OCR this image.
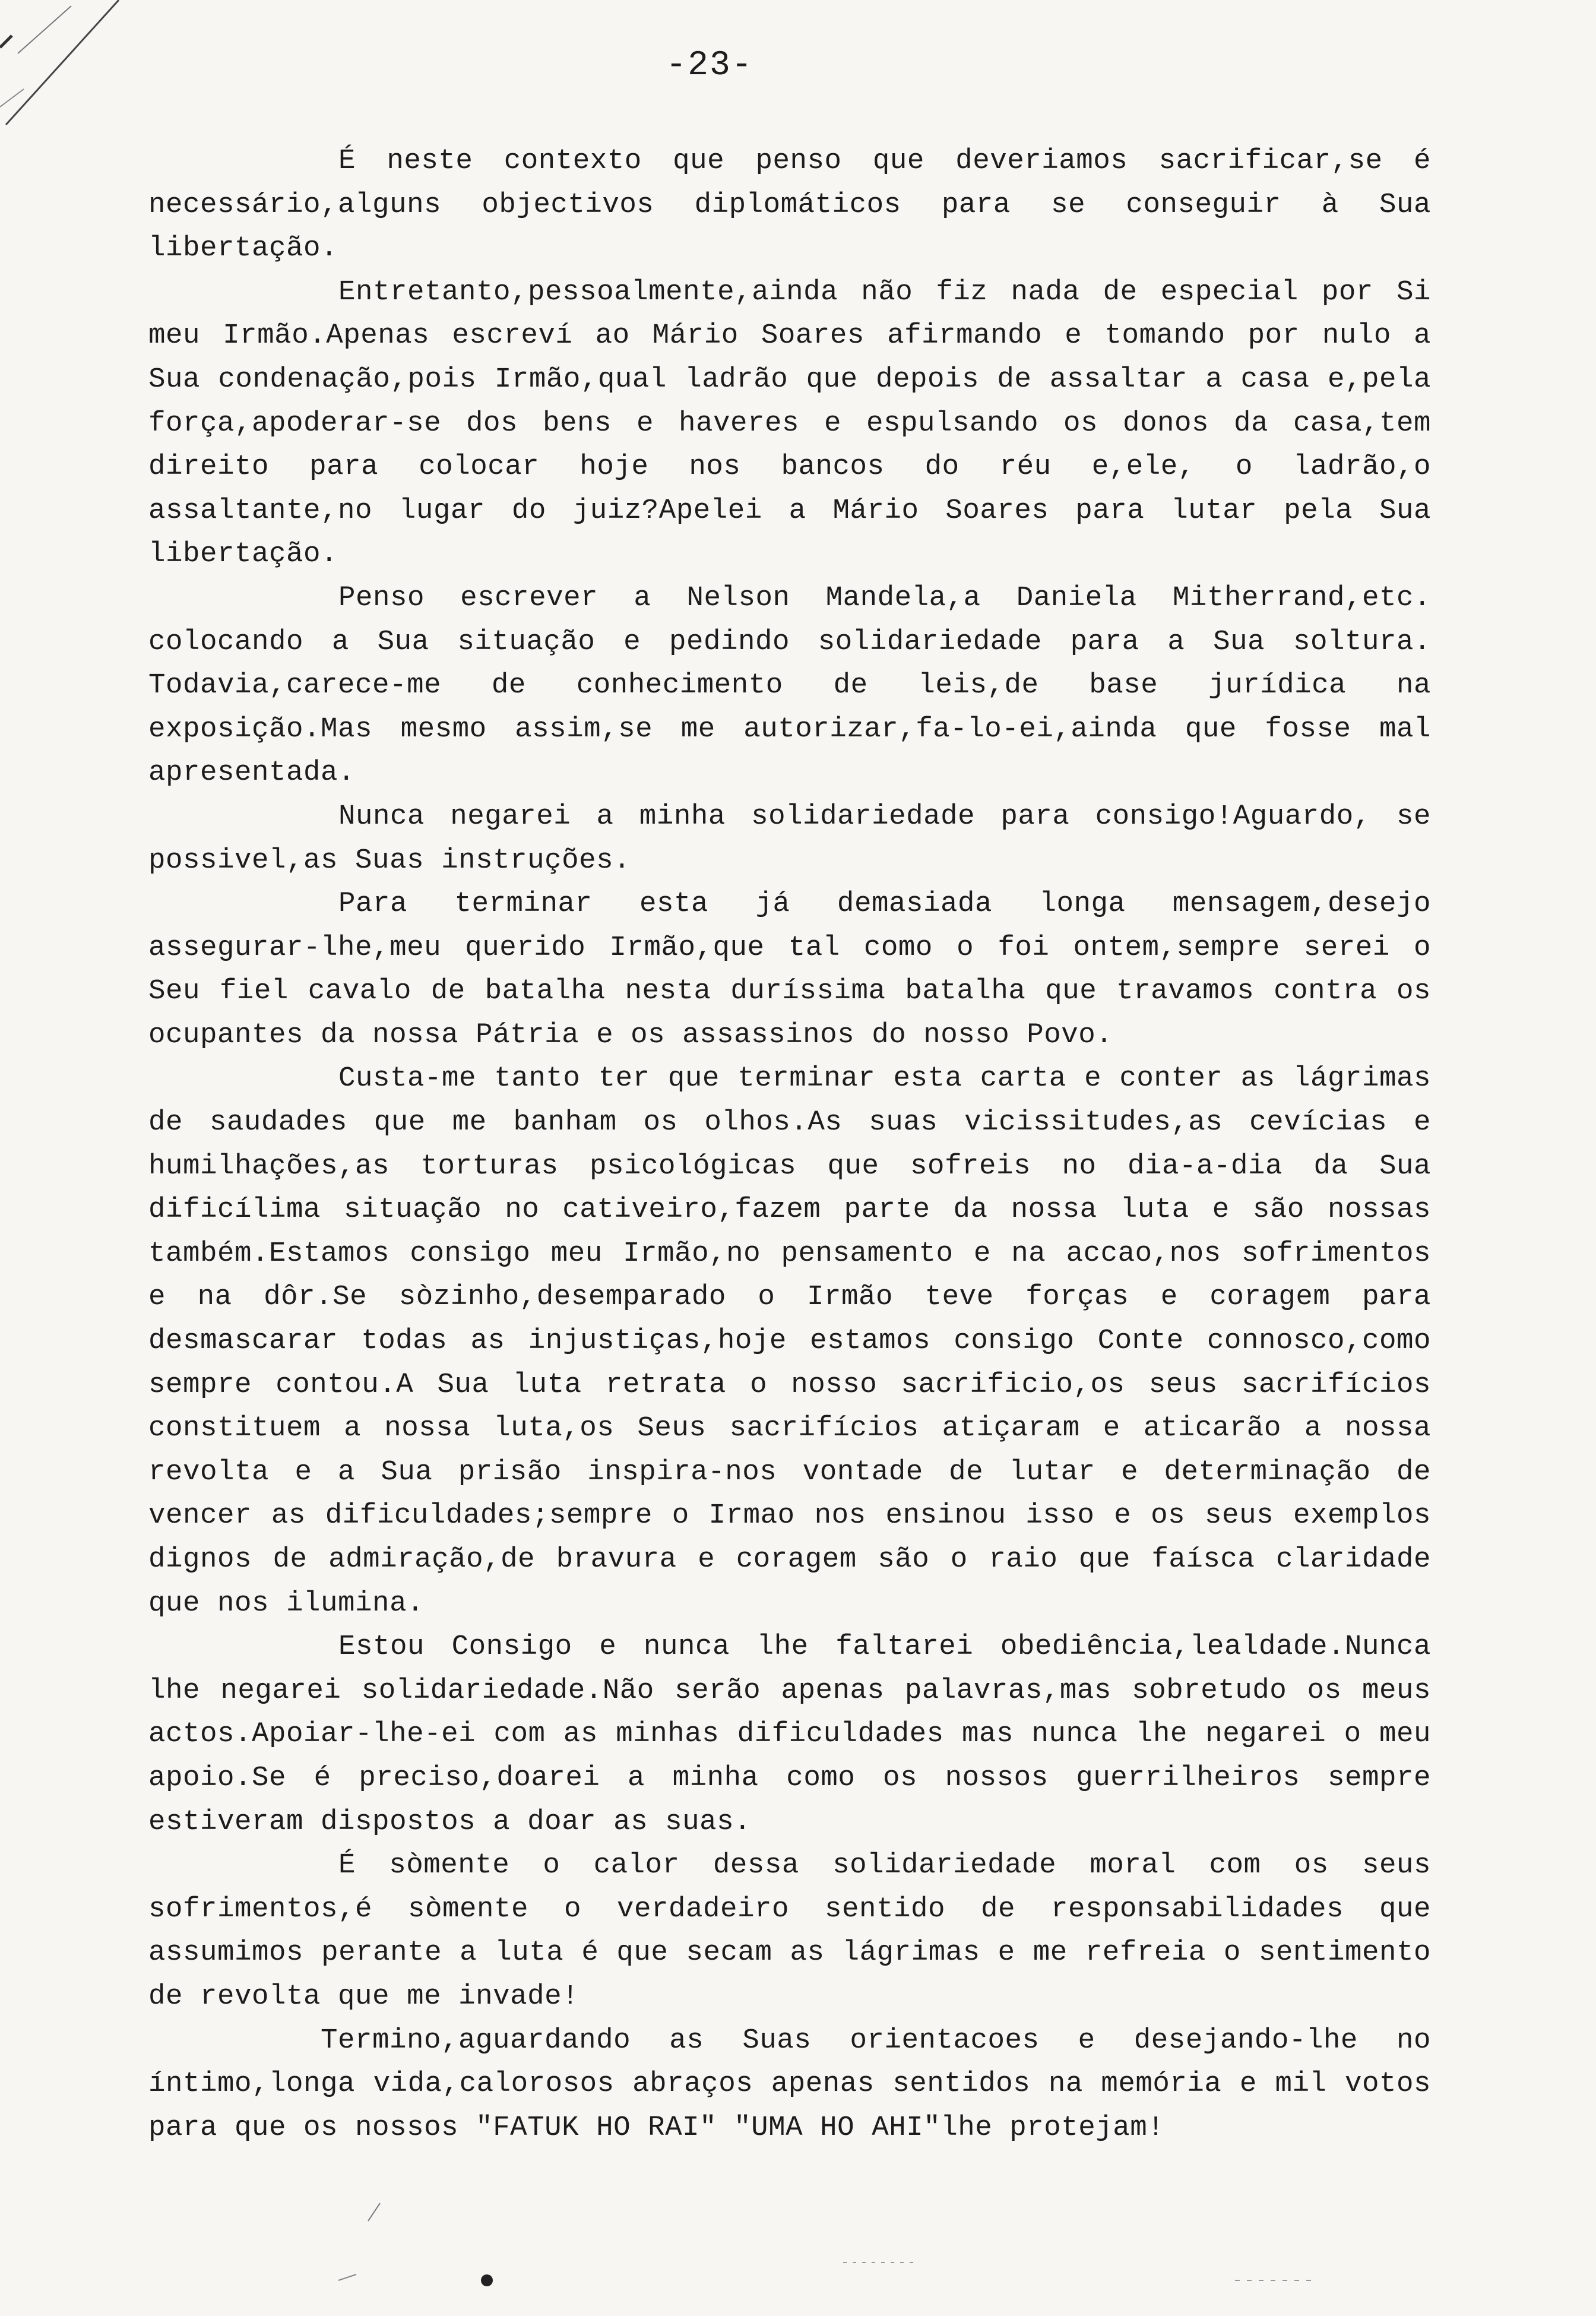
-23-

É neste contexto que penso que deveriamos sacrificar,se é necessário,alguns objectivos diplomáticos para se conseguir à Sua libertação.

Entretanto,pessoalmente,ainda não fiz nada de especial por Si meu Irmão.Apenas escreví ao Mário Soares afirmando e tomando por nulo a Sua condenação,pois Irmão,qual ladrão que depois de assaltar a casa e,pela força,apoderar-se dos bens e haveres e espulsando os donos da casa,tem direito para colocar hoje nos bancos do réu e,ele, o ladrão,o assaltante,no lugar do juiz?Apelei a Mário Soares para lutar pela Sua libertação.

Penso escrever a Nelson Mandela,a Daniela Mitherrand,etc. colocando a Sua situação e pedindo solidariedade para a Sua soltura. Todavia,carece-me de conhecimento de leis,de base jurídica na exposição.Mas mesmo assim,se me autorizar,fa-lo-ei,ainda que fosse mal apresentada.

Nunca negarei a minha solidariedade para consigo!Aguardo, se possivel,as Suas instruções.

Para terminar esta já demasiada longa mensagem,desejo assegurar-lhe,meu querido Irmão,que tal como o foi ontem,sempre serei o Seu fiel cavalo de batalha nesta duríssima batalha que travamos contra os ocupantes da nossa Pátria e os assassinos do nosso Povo.

Custa-me tanto ter que terminar esta carta e conter as lágrimas de saudades que me banham os olhos.As suas vicissitudes,as cevícias e humilhações,as torturas psicológicas que sofreis no dia-a-dia da Sua dificílima situação no cativeiro,fazem parte da nossa luta e são nossas também.Estamos consigo meu Irmão,no pensamento e na accao,nos sofrimentos e na dôr.Se sòzinho,desemparado o Irmão teve forças e coragem para desmascarar todas as injustiças,hoje estamos consigo Conte connosco,como sempre contou.A Sua luta retrata o nosso sacrificio,os seus sacrifícios constituem a nossa luta,os Seus sacrifícios atiçaram e aticarão a nossa revolta e a Sua prisão inspira-nos vontade de lutar e determinação de vencer as dificuldades;sempre o Irmao nos ensinou isso e os seus exemplos dignos de admiração,de bravura e coragem são o raio que faísca claridade que nos ilumina.

Estou Consigo e nunca lhe faltarei obediência,lealdade.Nunca lhe negarei solidariedade.Não serão apenas palavras,mas sobretudo os meus actos.Apoiar-lhe-ei com as minhas dificuldades mas nunca lhe negarei o meu apoio.Se é preciso,doarei a minha como os nossos guerrilheiros sempre estiveram dispostos a doar as suas.

É sòmente o calor dessa solidariedade moral com os seus sofrimentos,é sòmente o verdadeiro sentido de responsabilidades que assumimos perante a luta é que secam as lágrimas e me refreia o sentimento de revolta que me invade!

Termino,aguardando as Suas orientacoes e desejando-lhe no íntimo,longa vida,calorosos abraços apenas sentidos na memória e mil votos para que os nossos "FATUK HO RAI" "UMA HO AHI"lhe protejam!
